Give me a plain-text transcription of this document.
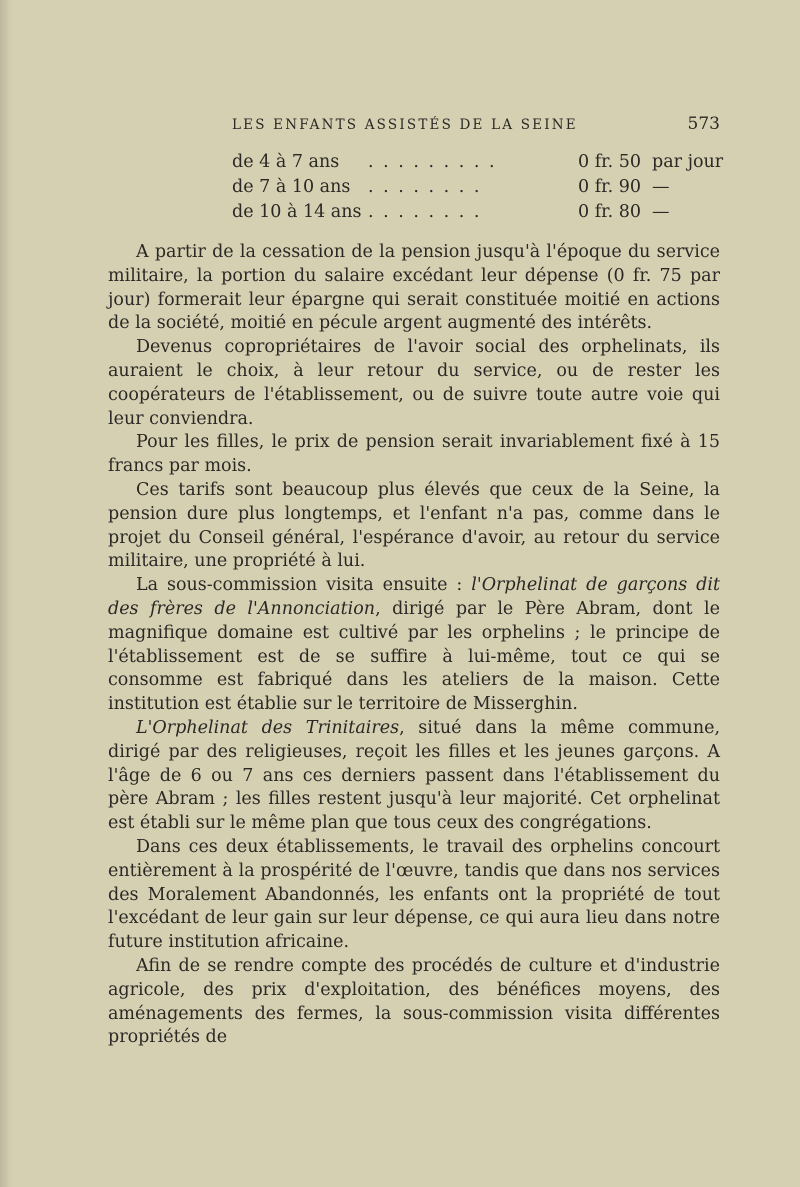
LES ENFANTS ASSISTÉS DE LA SEINE	573
de 4 à 7 ans . . . . . . . . .	0 fr. 50 par jour
de 7 à 10 ans . . . . . . . .	0 fr. 90 —
de 10 à 14 ans . . . . . . . .	0 fr. 80 —

A partir de la cessation de la pension jusqu'à l'époque du service militaire, la portion du salaire excédant leur dépense (0 fr. 75 par jour) formerait leur épargne qui serait constituée moitié en actions de la société, moitié en pécule argent augmenté des intérêts.

Devenus copropriétaires de l'avoir social des orphelinats, ils auraient le choix, à leur retour du service, ou de rester les coopérateurs de l'établissement, ou de suivre toute autre voie qui leur conviendra.

Pour les filles, le prix de pension serait invariablement fixé à 15 francs par mois.

Ces tarifs sont beaucoup plus élevés que ceux de la Seine, la pension dure plus longtemps, et l'enfant n'a pas, comme dans le projet du Conseil général, l'espérance d'avoir, au retour du service militaire, une propriété à lui.

La sous-commission visita ensuite : l'Orphelinat de garçons dit des frères de l'Annonciation, dirigé par le Père Abram, dont le magnifique domaine est cultivé par les orphelins ; le principe de l'établissement est de se suffire à lui-même, tout ce qui se consomme est fabriqué dans les ateliers de la maison. Cette institution est établie sur le territoire de Misserghin.

L'Orphelinat des Trinitaires, situé dans la même commune, dirigé par des religieuses, reçoit les filles et les jeunes garçons. A l'âge de 6 ou 7 ans ces derniers passent dans l'établissement du père Abram ; les filles restent jusqu'à leur majorité. Cet orphelinat est établi sur le même plan que tous ceux des congrégations.

Dans ces deux établissements, le travail des orphelins concourt entièrement à la prospérité de l'œuvre, tandis que dans nos services des Moralement Abandonnés, les enfants ont la propriété de tout l'excédant de leur gain sur leur dépense, ce qui aura lieu dans notre future institution africaine.

Afin de se rendre compte des procédés de culture et d'industrie agricole, des prix d'exploitation, des bénéfices moyens, des aménagements des fermes, la sous-commission visita différentes propriétés de
